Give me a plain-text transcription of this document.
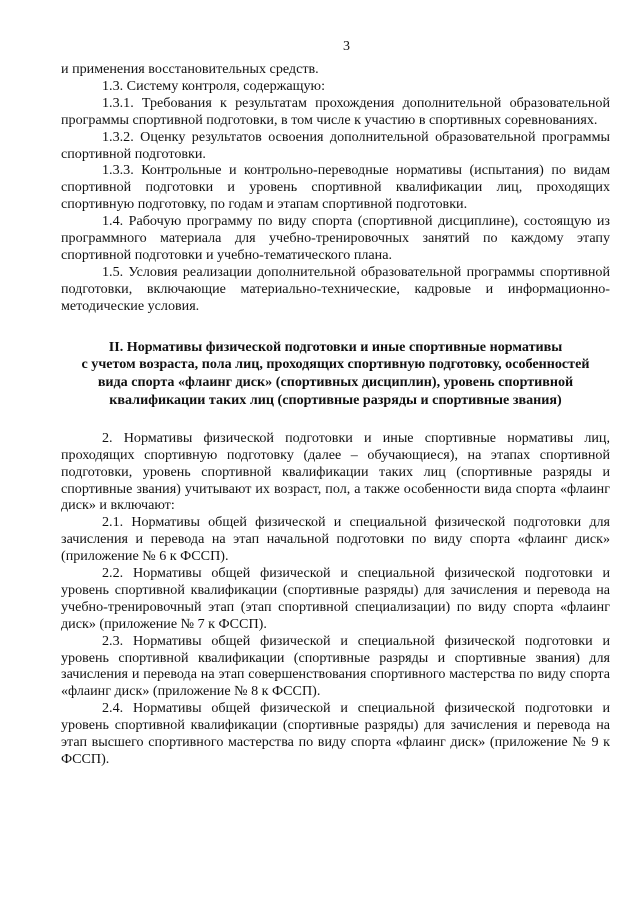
3

и применения восстановительных средств.

1.3. Систему контроля, содержащую:

1.3.1. Требования к результатам прохождения дополнительной образовательной программы спортивной подготовки, в том числе к участию в спортивных соревнованиях.

1.3.2. Оценку результатов освоения дополнительной образовательной программы спортивной подготовки.

1.3.3. Контрольные и контрольно-переводные нормативы (испытания) по видам спортивной подготовки и уровень спортивной квалификации лиц, проходящих спортивную подготовку, по годам и этапам спортивной подготовки.

1.4. Рабочую программу по виду спорта (спортивной дисциплине), состоящую из программного материала для учебно-тренировочных занятий по каждому этапу спортивной подготовки и учебно-тематического плана.

1.5. Условия реализации дополнительной образовательной программы спортивной подготовки, включающие материально-технические, кадровые и информационно-методические условия.

II. Нормативы физической подготовки и иные спортивные нормативы
с учетом возраста, пола лиц, проходящих спортивную подготовку, особенностей
вида спорта «флаинг диск» (спортивных дисциплин), уровень спортивной
квалификации таких лиц (спортивные разряды и спортивные звания)

2. Нормативы физической подготовки и иные спортивные нормативы лиц, проходящих спортивную подготовку (далее – обучающиеся), на этапах спортивной подготовки, уровень спортивной квалификации таких лиц (спортивные разряды и спортивные звания) учитывают их возраст, пол, а также особенности вида спорта «флаинг диск» и включают:

2.1. Нормативы общей физической и специальной физической подготовки для зачисления и перевода на этап начальной подготовки по виду спорта «флаинг диск» (приложение № 6 к ФССП).

2.2. Нормативы общей физической и специальной физической подготовки и уровень спортивной квалификации (спортивные разряды) для зачисления и перевода на учебно-тренировочный этап (этап спортивной специализации) по виду спорта «флаинг диск» (приложение № 7 к ФССП).

2.3. Нормативы общей физической и специальной физической подготовки и уровень спортивной квалификации (спортивные разряды и спортивные звания) для зачисления и перевода на этап совершенствования спортивного мастерства по виду спорта «флаинг диск» (приложение № 8 к ФССП).

2.4. Нормативы общей физической и специальной физической подготовки и уровень спортивной квалификации (спортивные разряды) для зачисления и перевода на этап высшего спортивного мастерства по виду спорта «флаинг диск» (приложение № 9 к ФССП).
